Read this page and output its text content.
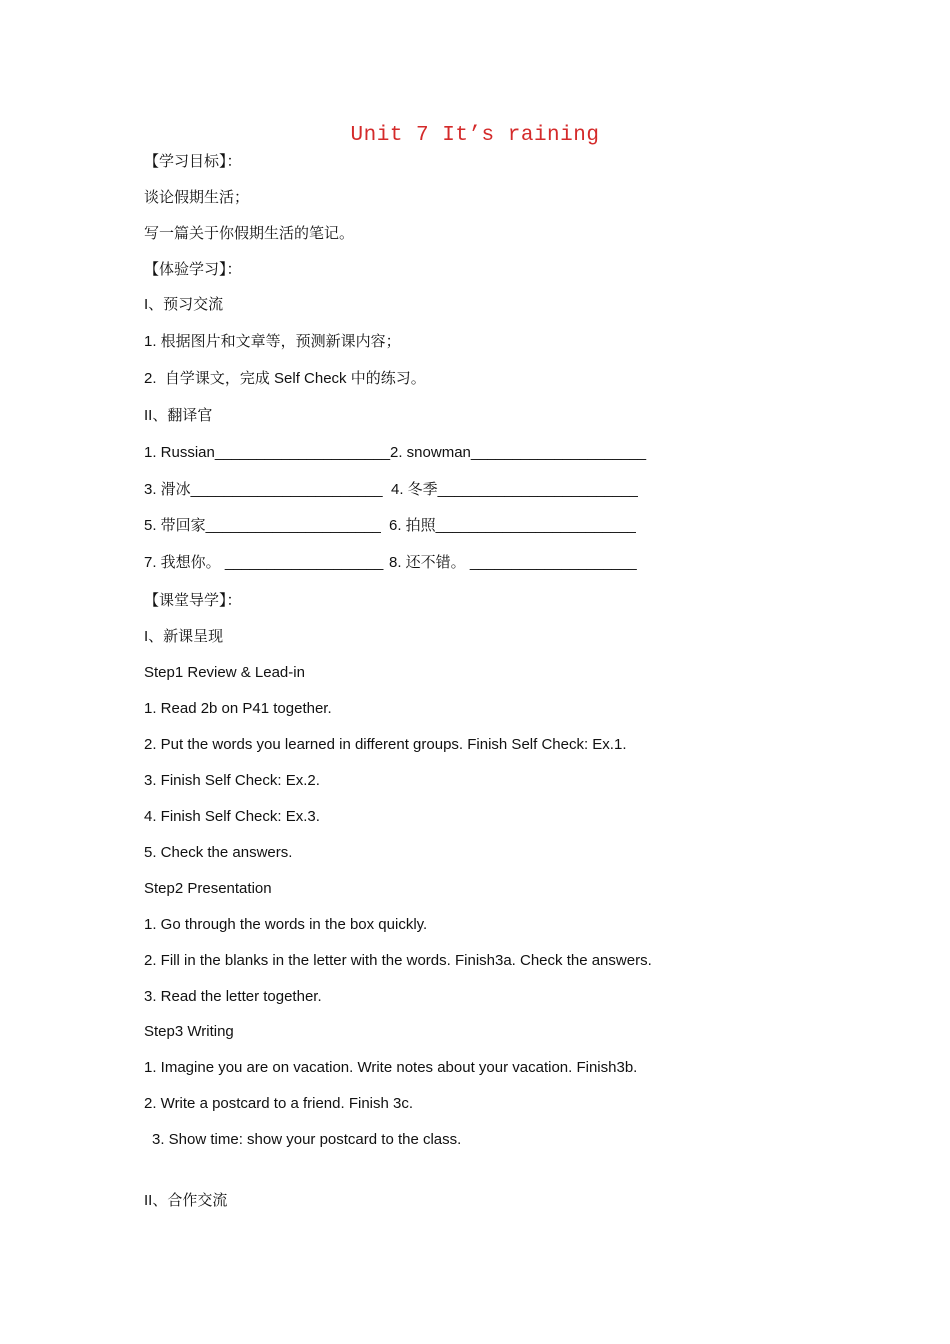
Unit 7 It’s raining
【学习目标】：
谈论假期生活；
写一篇关于你假期生活的笔记。
【体验学习】：
I、预习交流
1. 根据图片和文章等，预测新课内容；
2.  自学课文，完成 Self Check 中的练习。
II、翻译官
1. Russian_____________________ 2. snowman_____________________
3. 滑冰_______________________ 4. 冬季________________________
5. 带回家_____________________ 6. 拍照________________________
7. 我想你。 ___________________ 8. 还不错。 ____________________
【课堂导学】：
I、新课呈现
Step1 Review & Lead-in
1. Read 2b on P41 together.
2. Put the words you learned in different groups. Finish Self Check: Ex.1.
3. Finish Self Check: Ex.2.
4. Finish Self Check: Ex.3.
5. Check the answers.
Step2 Presentation
1. Go through the words in the box quickly.
2. Fill in the blanks in the letter with the words. Finish3a. Check the answers.
3. Read the letter together.
Step3 Writing
1. Imagine you are on vacation. Write notes about your vacation. Finish3b.
2. Write a postcard to a friend. Finish 3c.
3. Show time: show your postcard to the class.
II、合作交流
